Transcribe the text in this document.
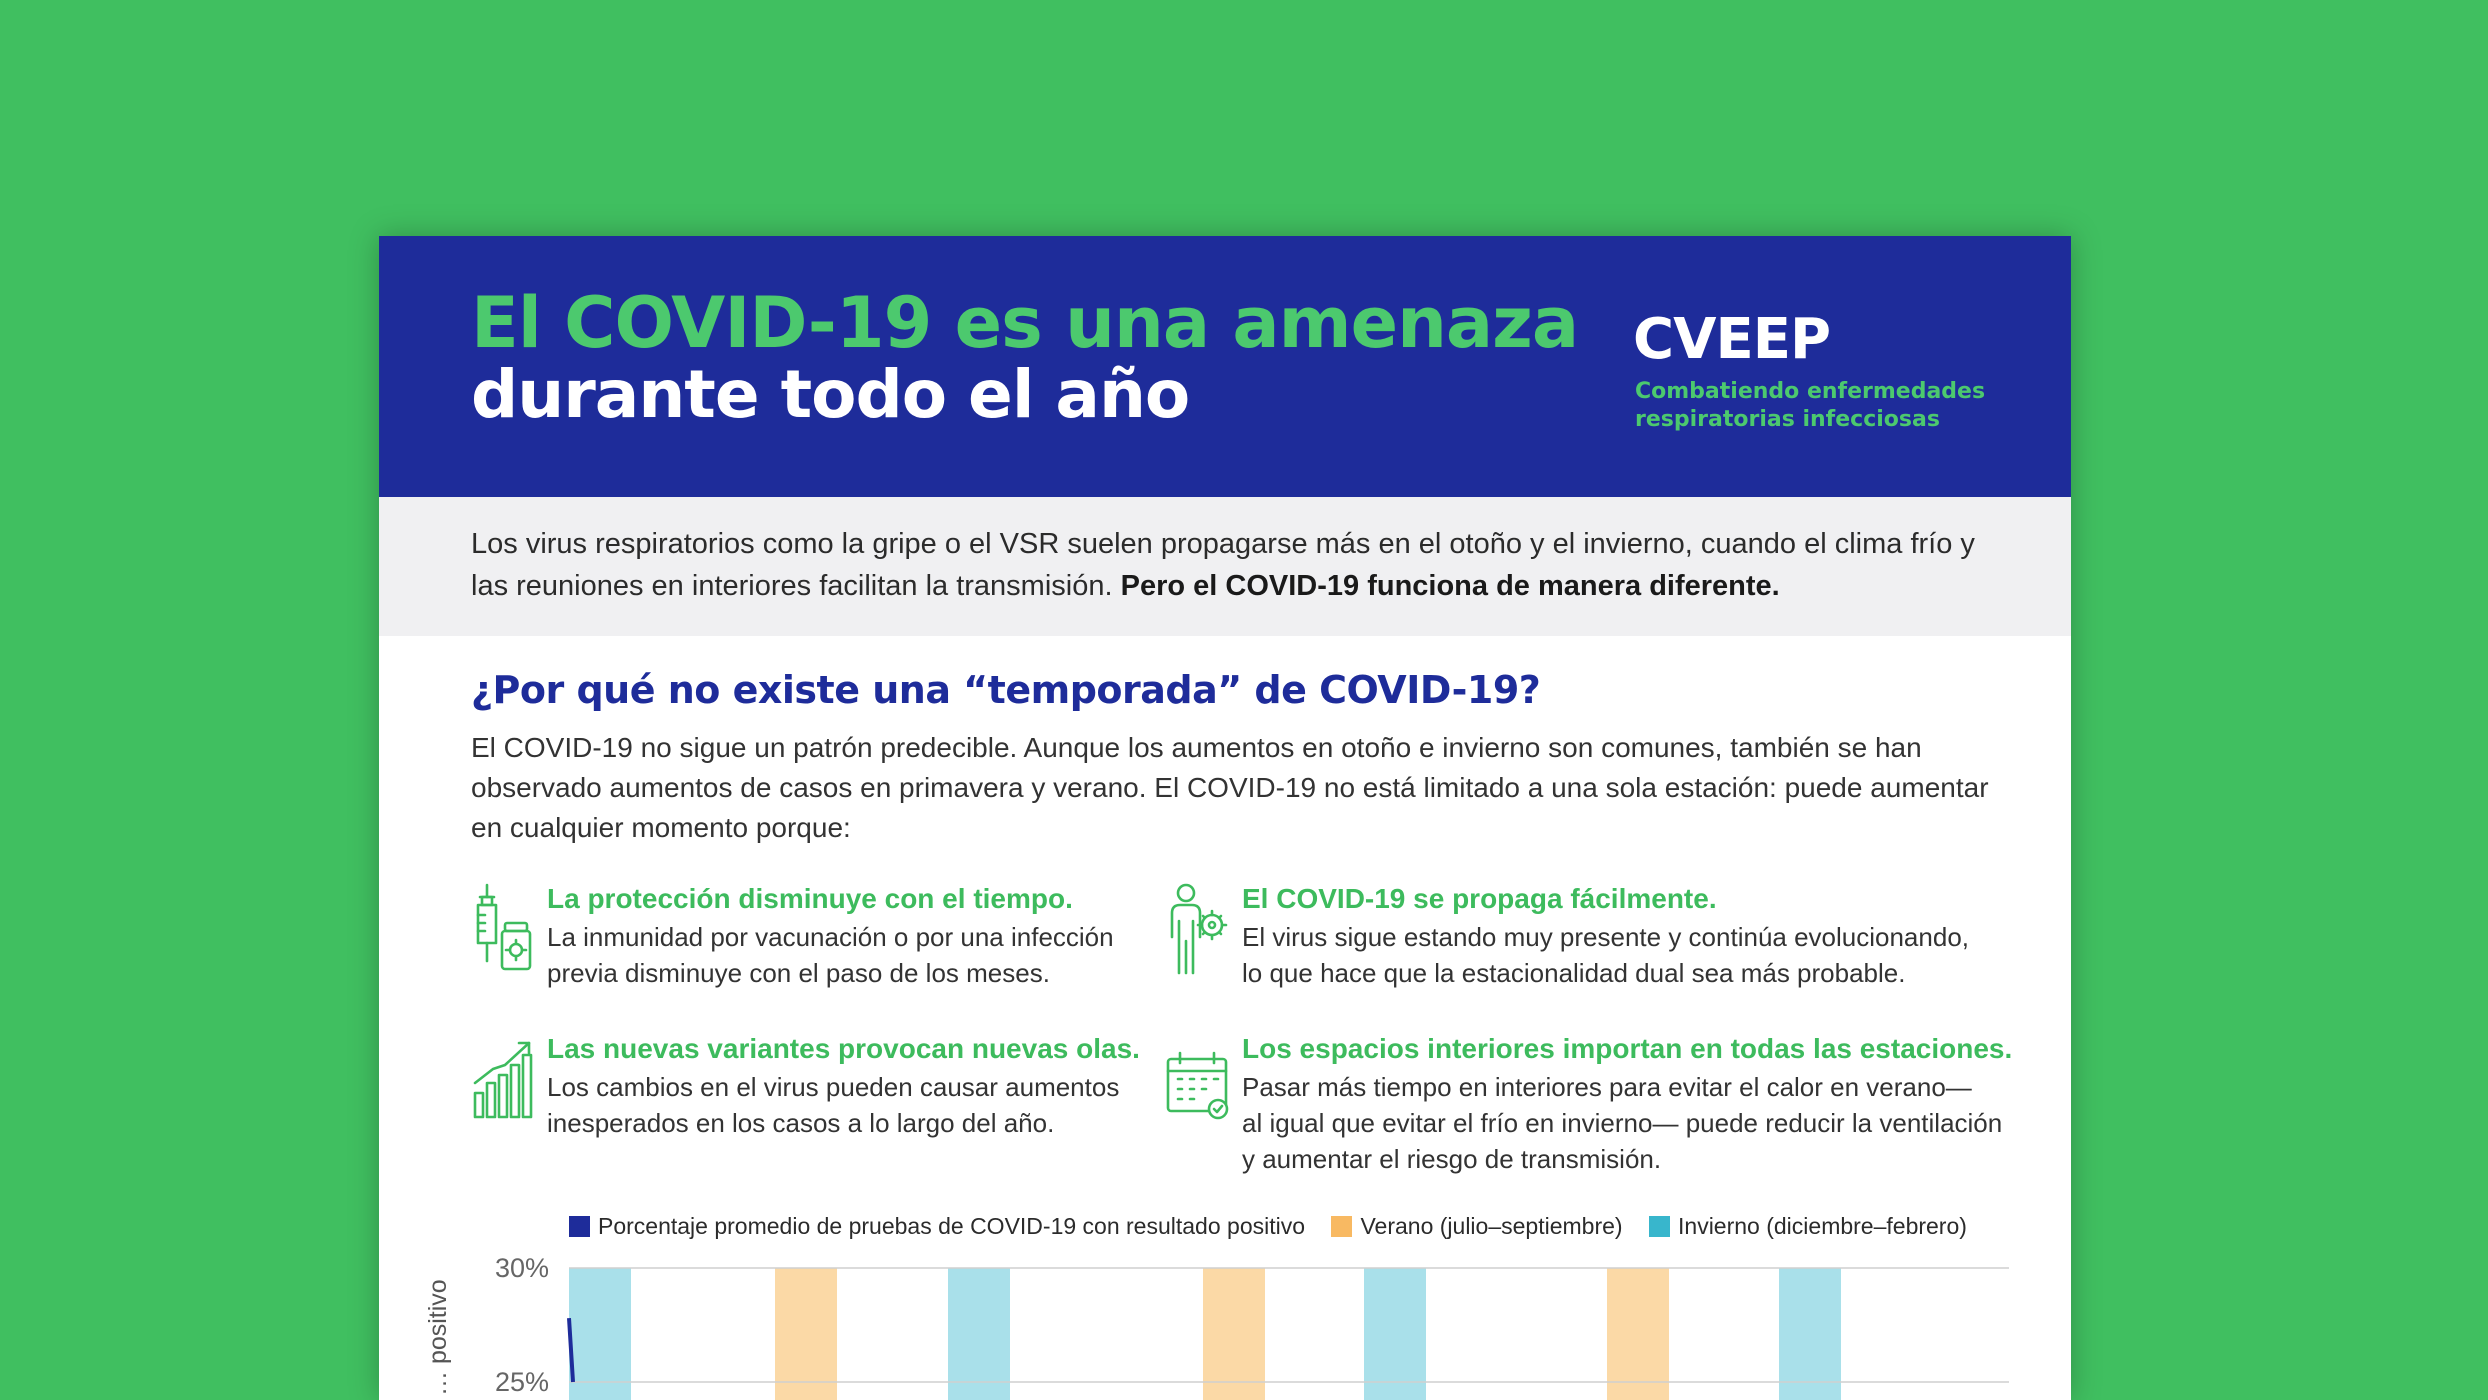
El COVID-19 es una amenaza
durante todo el año
CVEEP
Combatiendo enfermedades
respiratorias infecciosas

Los virus respiratorios como la gripe o el VSR suelen propagarse más en el otoño y el invierno, cuando el clima frío y las reuniones en interiores facilitan la transmisión. Pero el COVID-19 funciona de manera diferente.

¿Por qué no existe una “temporada” de COVID-19?

El COVID-19 no sigue un patrón predecible. Aunque los aumentos en otoño e invierno son comunes, también se han observado aumentos de casos en primavera y verano. El COVID-19 no está limitado a una sola estación: puede aumentar en cualquier momento porque:

La protección disminuye con el tiempo.
La inmunidad por vacunación o por una infección
previa disminuye con el paso de los meses.
El COVID-19 se propaga fácilmente.
El virus sigue estando muy presente y continúa evolucionando,
lo que hace que la estacionalidad dual sea más probable.
Las nuevas variantes provocan nuevas olas.
Los cambios en el virus pueden causar aumentos
inesperados en los casos a lo largo del año.
Los espacios interiores importan en todas las estaciones.
Pasar más tiempo en interiores para evitar el calor en verano—
al igual que evitar el frío en invierno— puede reducir la ventilación
y aumentar el riesgo de transmisión.
Porcentaje promedio de pruebas de COVID-19 con resultado positivo Verano (julio–septiembre) Invierno (diciembre–febrero)
30%
25%
… positivo
